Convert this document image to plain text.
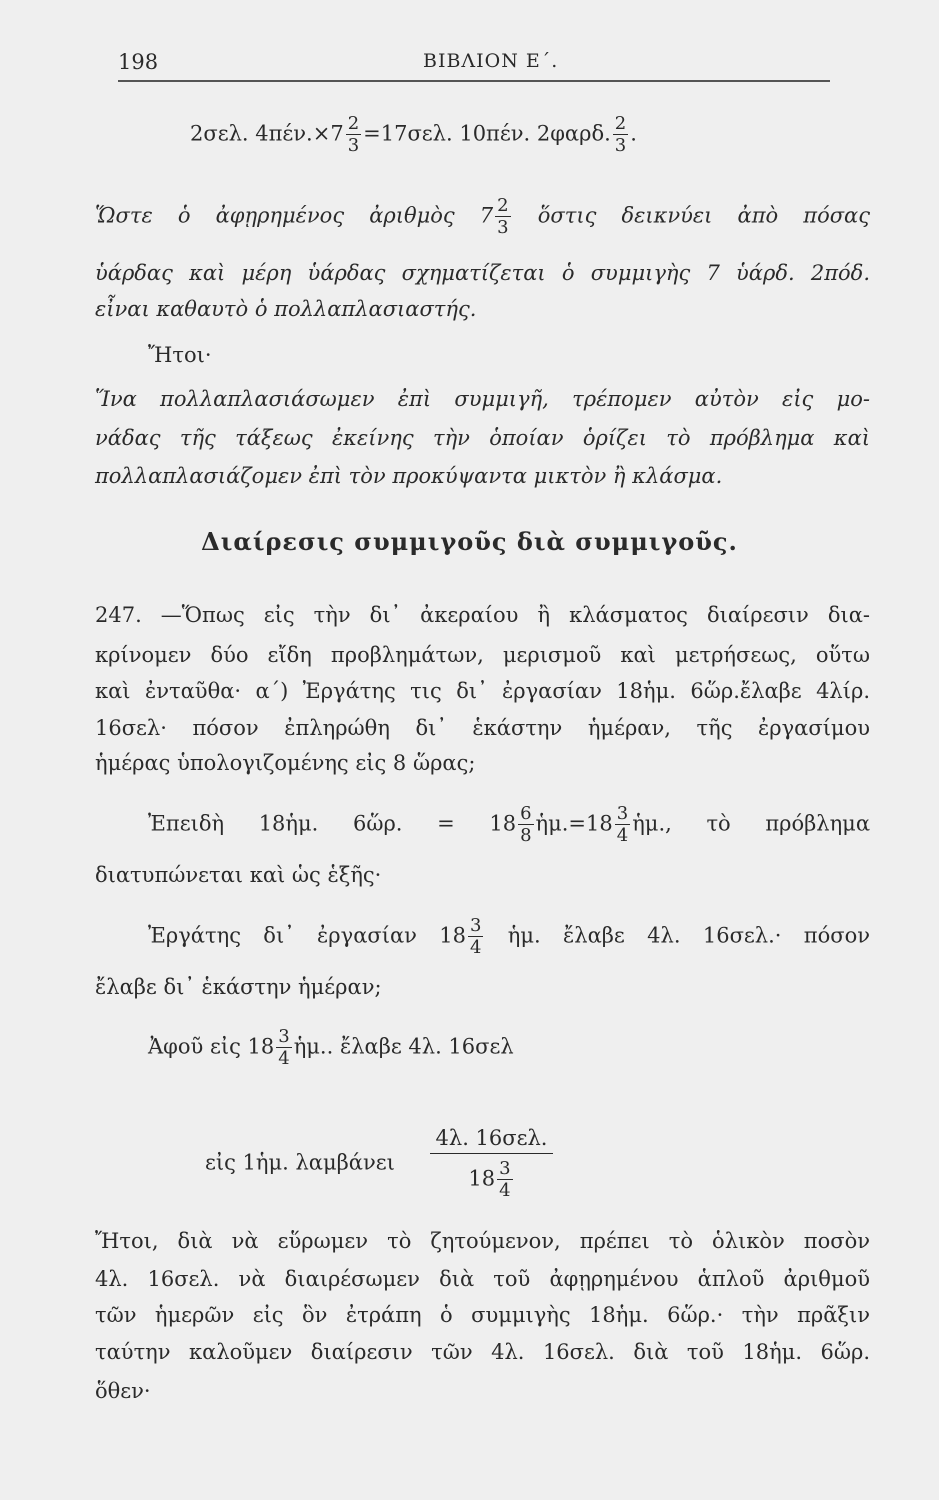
198	ΒΙΒΛΙΟΝ Ε΄.
2σελ. $4\pi έ\nu.\times 7 \frac{2}{3} =17\sigma\varepsilon\lambda$. 10πέν. 2φαρδ. $\frac{2}{3}$ .
Ὥστε ὁ ἀφῃρημένος ἀριθμὸς $7 \frac{2}{3}$ ὅστις δεικνύει ἀπὸ πόσας
ὑάρδας καὶ μέρη ὑάρδας σχηματίζεται ὁ συμμιγὴς 7 ὑάρδ. 2πόδ.
εἶναι καθαυτὸ ὁ πολλαπλασιαστής.
Ἤτοι·
Ἵνα πολλαπλασιάσωμεν ἐπὶ συμμιγῆ, τρέπομεν αὐτὸν εἰς μο-
νάδας τῆς τάξεως ἐκείνης τὴν ὁποίαν ὁρίζει τὸ πρόβλημα καὶ
πολλαπλασιάζομεν ἐπὶ τὸν προκύψαντα μικτὸν ἢ κλάσμα.
Διαίρεσις συμμιγοῦς διὰ συμμιγοῦς.
247. —Ὅπως εἰς τὴν δι᾽ ἀκεραίου ἢ κλάσματος διαίρεσιν δια-
κρίνομεν δύο εἴδη προβλημάτων, μερισμοῦ καὶ μετρήσεως, οὕτω
καὶ ἐνταῦθα· α΄) Ἐργάτης τις δι᾽ ἐργασίαν 18ἡμ. 6ὥρ.ἔλαβε 4λίρ.
16σελ· πόσον ἐπληρώθη δι᾽ ἑκάστην ἡμέραν, τῆς ἐργασίμου
ἡμέρας ὑπολογιζομένης εἰς 8 ὥρας;
Ἐπειδὴ 18ἡμ. 6ὥρ. = $18 \frac{6}{8}$ ἡμ.=18 $\frac{3}{4}$ ἡμ., τὸ πρόβλημα
διατυπώνεται καὶ ὡς ἑξῆς·
Ἐργάτης δι᾽ ἐργασίαν $18 \frac{3}{4}$ ἡμ. ἔλαβε 4λ. 16σελ.· πόσον
ἔλαβε δι᾽ ἑκάστην ἡμέραν;
Ἀφοῦ εἰς $18 \frac{3}{4}$ ἡμ.. ἔλαβε 4λ. 16σελ
εἰς 1ἡμ. λαμβάνει $\frac{\text{4λ. 16σελ.}}{18 \frac{3}{4}}$
Ἤτοι, διὰ νὰ εὕρωμεν τὸ ζητούμενον, πρέπει τὸ ὁλικὸν ποσὸν
4λ. 16σελ. νὰ διαιρέσωμεν διὰ τοῦ ἀφῃρημένου ἁπλοῦ ἀριθμοῦ
τῶν ἡμερῶν εἰς ὃν ἐτράπη ὁ συμμιγὴς 18ἡμ. 6ὥρ.· τὴν πρᾶξιν
ταύτην καλοῦμεν διαίρεσιν τῶν 4λ. 16σελ. διὰ τοῦ 18ἡμ. 6ὥρ.
ὅθεν·
